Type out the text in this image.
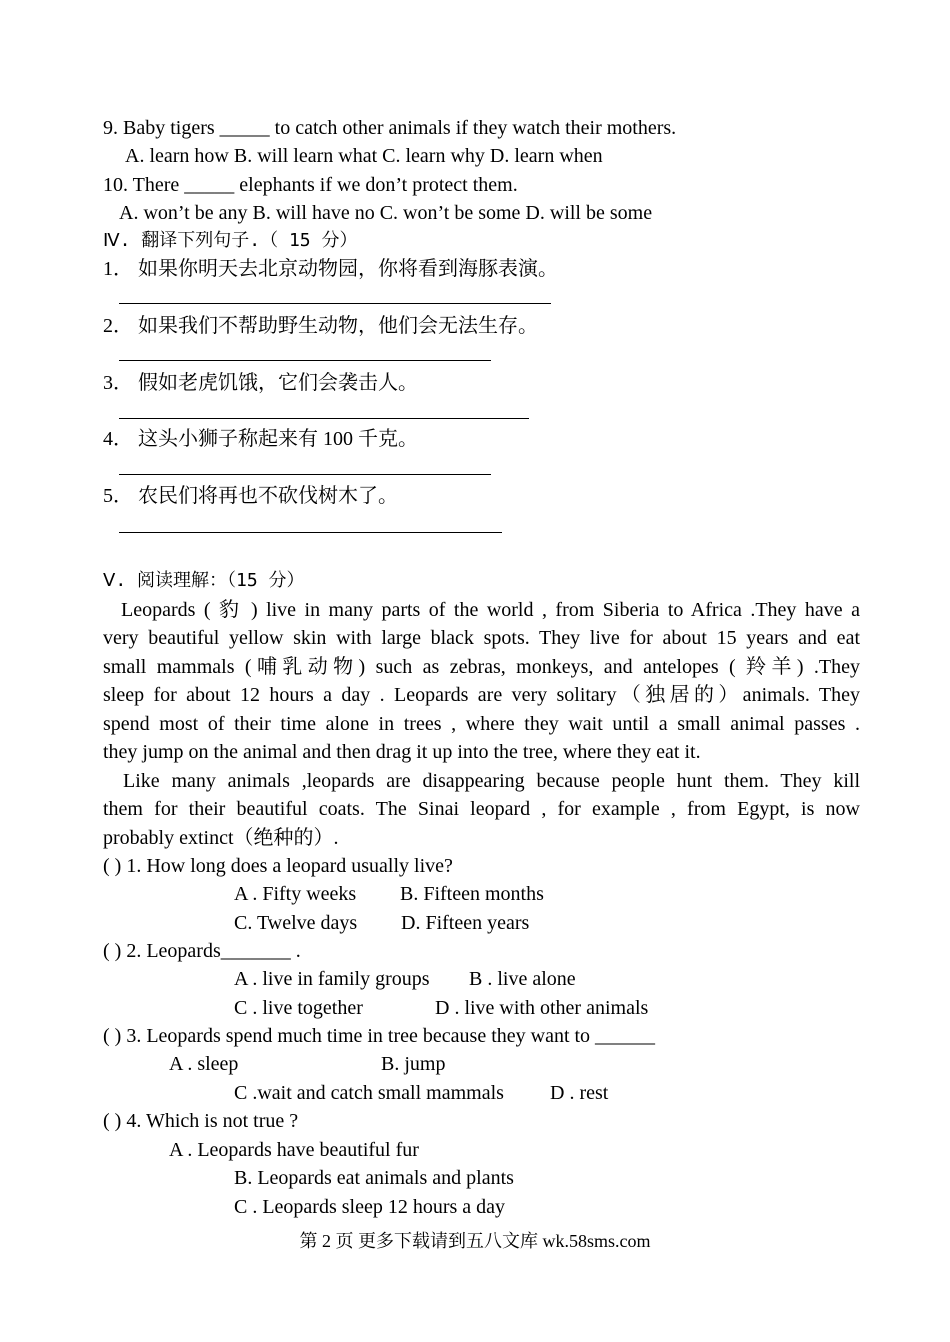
9. Baby tigers _____ to catch other animals if they watch their mothers.
A. learn how B. will learn what C. learn why D. learn when
10. There _____ elephants if we don’t protect them.
A. won’t be any B. will have no C. won’t be some D. will be some
Ⅳ. 翻译下列句子.（ 15 分）
1． 如果你明天去北京动物园，你将看到海豚表演。
2． 如果我们不帮助野生动物，他们会无法生存。
3． 假如老虎饥饿，它们会袭击人。
4． 这头小狮子称起来有 100 千克。
5． 农民们将再也不砍伐树木了。
Ⅴ. 阅读理解：（15 分）
Leopards ( 豹 ) live in many parts of the world , from Siberia to Africa .They have a
very beautiful yellow skin with large black spots. They live for about 15 years and eat
small mammals (哺乳动物) such as zebras, monkeys, and antelopes ( 羚羊) .They
sleep for about 12 hours a day . Leopards are very solitary（独居的）animals. They
spend most of their time alone in trees , where they wait until a small animal passes .
they jump on the animal and then drag it up into the tree, where they eat it.
Like many animals ,leopards are disappearing because people hunt them. They kill
them for their beautiful coats. The Sinai leopard , for example , from Egypt, is now
probably extinct（绝种的）.
( ) 1. How long does a leopard usually live?
A . Fifty weeks B. Fifteen months
C. Twelve days D. Fifteen years
( ) 2. Leopards_______ .
A . live in family groups B . live alone
C . live together	D . live with other animals
( ) 3. Leopards spend much time in tree because they want to ______
A . sleep	B. jump
C .wait and catch small mammals D . rest
( ) 4. Which is not true ?
A . Leopards have beautiful fur
B. Leopards eat animals and plants
C . Leopards sleep 12 hours a day
第 2 页 更多下载请到五八文库 wk.58sms.com
